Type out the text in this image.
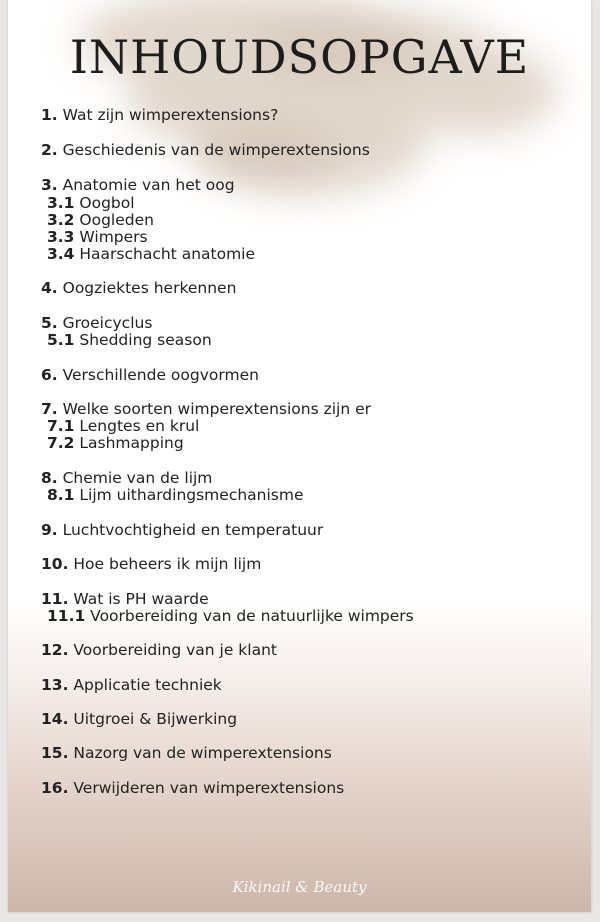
INHOUDSOPGAVE
1. Wat zijn wimperextensions?
2. Geschiedenis van de wimperextensions
3. Anatomie van het oog
3.1 Oogbol
3.2 Oogleden
3.3 Wimpers
3.4 Haarschacht anatomie
4. Oogziektes herkennen
5. Groeicyclus
5.1 Shedding season
6. Verschillende oogvormen
7. Welke soorten wimperextensions zijn er
7.1 Lengtes en krul
7.2 Lashmapping
8. Chemie van de lijm
8.1 Lijm uithardingsmechanisme
9. Luchtvochtigheid en temperatuur
10. Hoe beheers ik mijn lijm
11. Wat is PH waarde
11.1 Voorbereiding van de natuurlijke wimpers
12. Voorbereiding van je klant
13. Applicatie techniek
14. Uitgroei & Bijwerking
15. Nazorg van de wimperextensions
16. Verwijderen van wimperextensions
Kikinail & Beauty
